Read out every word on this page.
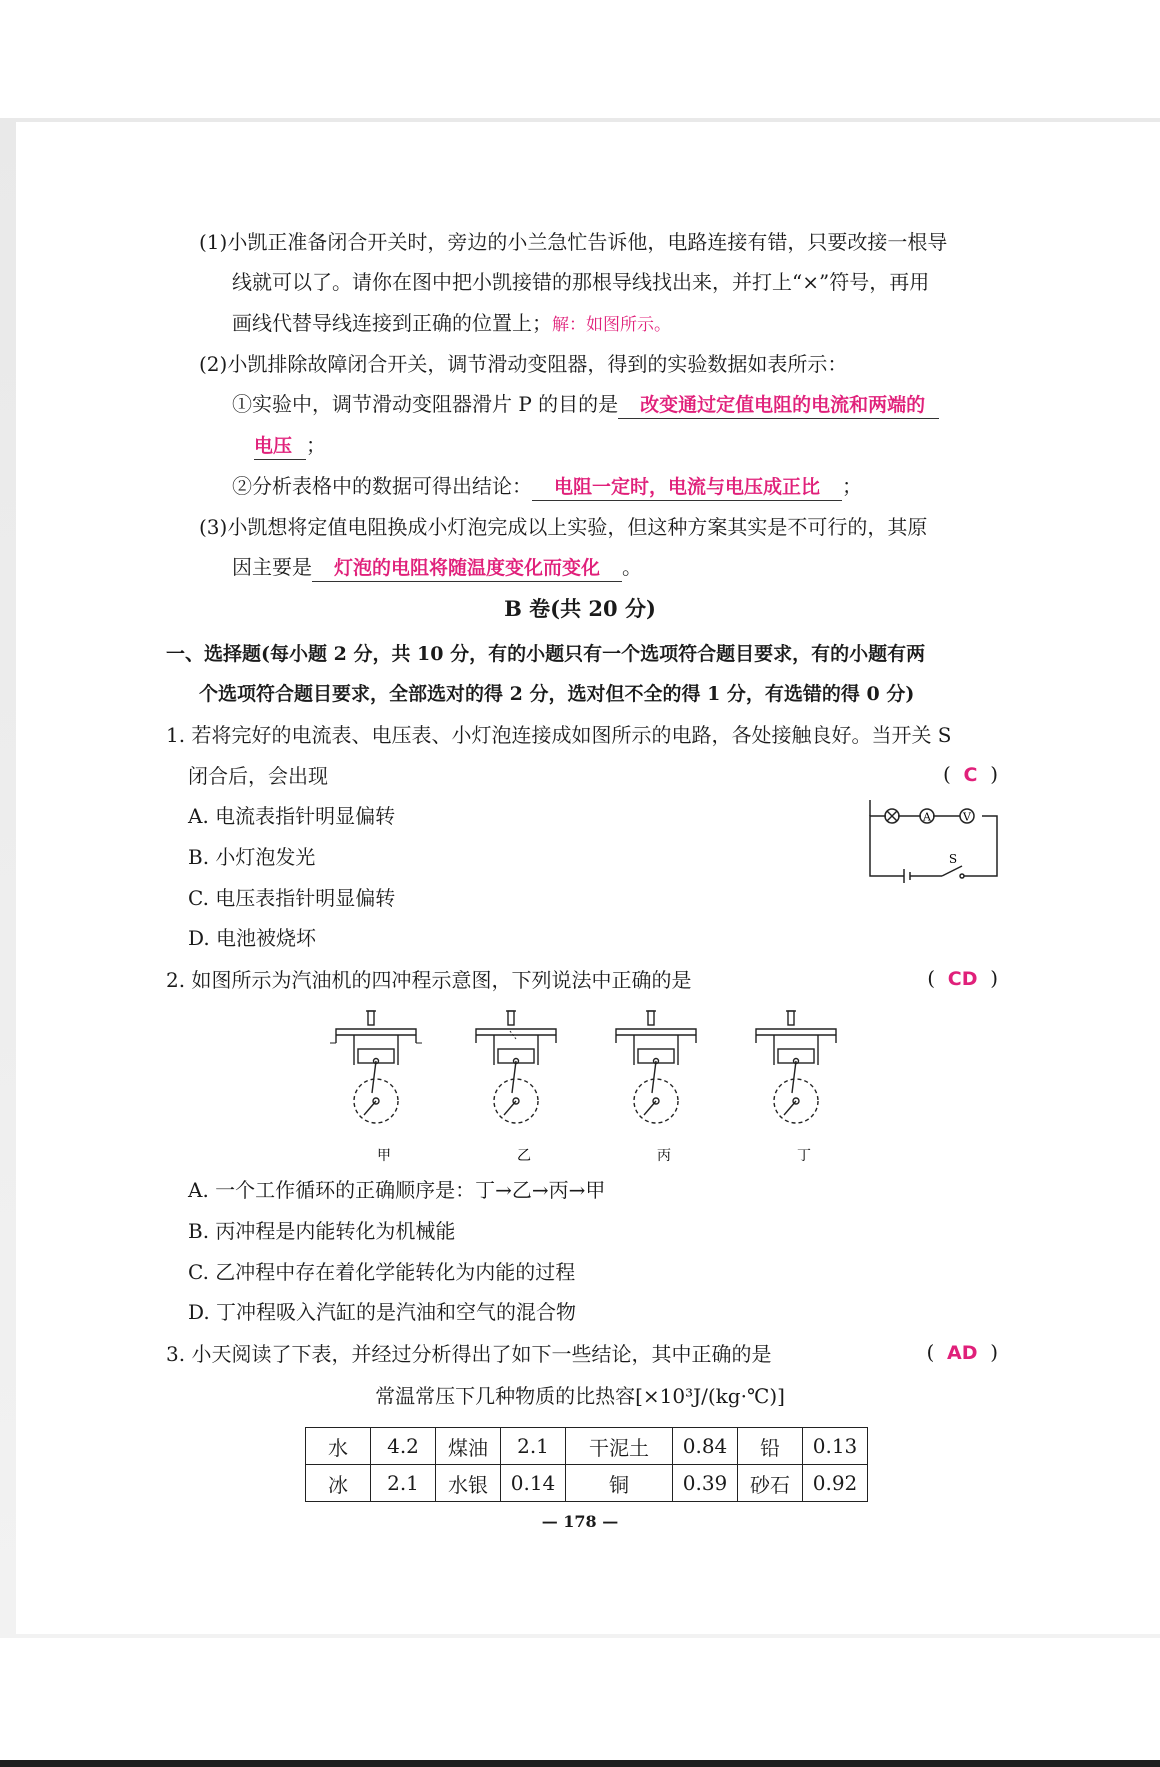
(1)小凯正准备闭合开关时，旁边的小兰急忙告诉他，电路连接有错，只要改接一根导
线就可以了。请你在图中把小凯接错的那根导线找出来，并打上“×”符号，再用
画线代替导线连接到正确的位置上；解：如图所示。
(2)小凯排除故障闭合开关，调节滑动变阻器，得到的实验数据如表所示：
①实验中，调节滑动变阻器滑片 P 的目的是 改变通过定值电阻的电流和两端的
电压 ；
②分析表格中的数据可得出结论： 电阻一定时，电流与电压成正比 ；
(3)小凯想将定值电阻换成小灯泡完成以上实验，但这种方案其实是不可行的，其原
因主要是 灯泡的电阻将随温度变化而变化 。
B 卷(共 20 分)
一、选择题(每小题 2 分，共 10 分，有的小题只有一个选项符合题目要求，有的小题有两
个选项符合题目要求，全部选对的得 2 分，选对但不全的得 1 分，有选错的得 0 分)
1. 若将完好的电流表、电压表、小灯泡连接成如图所示的电路，各处接触良好。当开关 S
闭合后，会出现	( C )
A. 电流表指针明显偏转
B. 小灯泡发光
C. 电压表指针明显偏转
D. 电池被烧坏
A	V
S
2. 如图所示为汽油机的四冲程示意图，下列说法中正确的是	( CD )
甲	乙	丙	丁
A. 一个工作循环的正确顺序是：丁→乙→丙→甲
B. 丙冲程是内能转化为机械能
C. 乙冲程中存在着化学能转化为内能的过程
D. 丁冲程吸入汽缸的是汽油和空气的混合物
3. 小天阅读了下表，并经过分析得出了如下一些结论，其中正确的是	( AD )
常温常压下几种物质的比热容[×10³J/(kg·℃)]
水	4.2	煤油	2.1	干泥土	0.84	铅	0.13
冰	2.1	水银	0.14	铜	0.39	砂石	0.92
— 178 —
